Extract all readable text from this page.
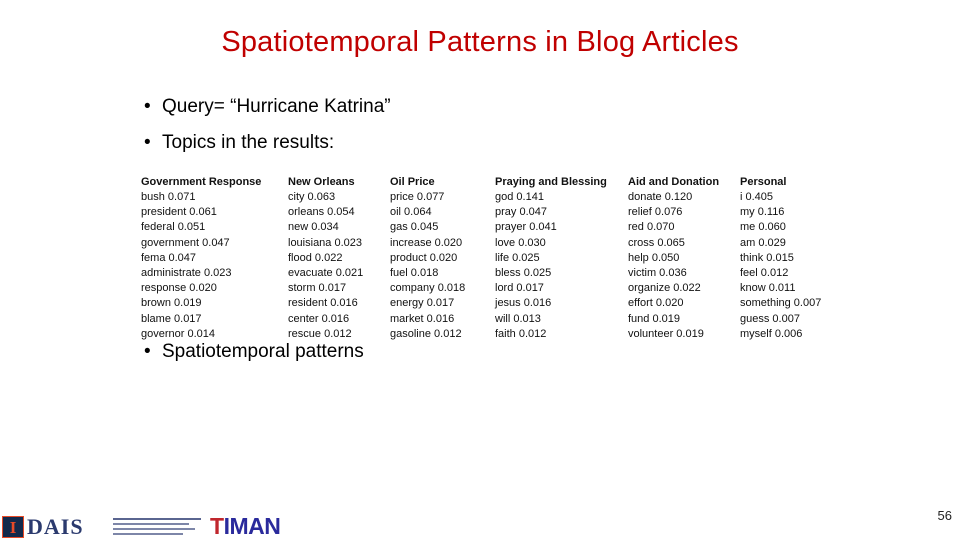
Spatiotemporal Patterns in Blog Articles
• Query= “Hurricane Katrina”
• Topics in the results:
Government Response
bush 0.071
president 0.061
federal 0.051
government 0.047
fema 0.047
administrate 0.023
response 0.020
brown 0.019
blame 0.017
governor 0.014
New Orleans
city 0.063
orleans 0.054
new 0.034
louisiana 0.023
flood 0.022
evacuate 0.021
storm 0.017
resident 0.016
center 0.016
rescue 0.012
Oil Price
price 0.077
oil 0.064
gas 0.045
increase 0.020
product 0.020
fuel 0.018
company 0.018
energy 0.017
market 0.016
gasoline 0.012
Praying and Blessing
god 0.141
pray 0.047
prayer 0.041
love 0.030
life 0.025
bless 0.025
lord 0.017
jesus 0.016
will 0.013
faith 0.012
Aid and Donation
donate 0.120
relief 0.076
red 0.070
cross 0.065
help 0.050
victim 0.036
organize 0.022
effort 0.020
fund 0.019
volunteer 0.019
Personal
i 0.405
my 0.116
me 0.060
am 0.029
think 0.015
feel 0.012
know 0.011
something 0.007
guess 0.007
myself 0.006
• Spatiotemporal patterns
I DAIS	TIMAN	56
